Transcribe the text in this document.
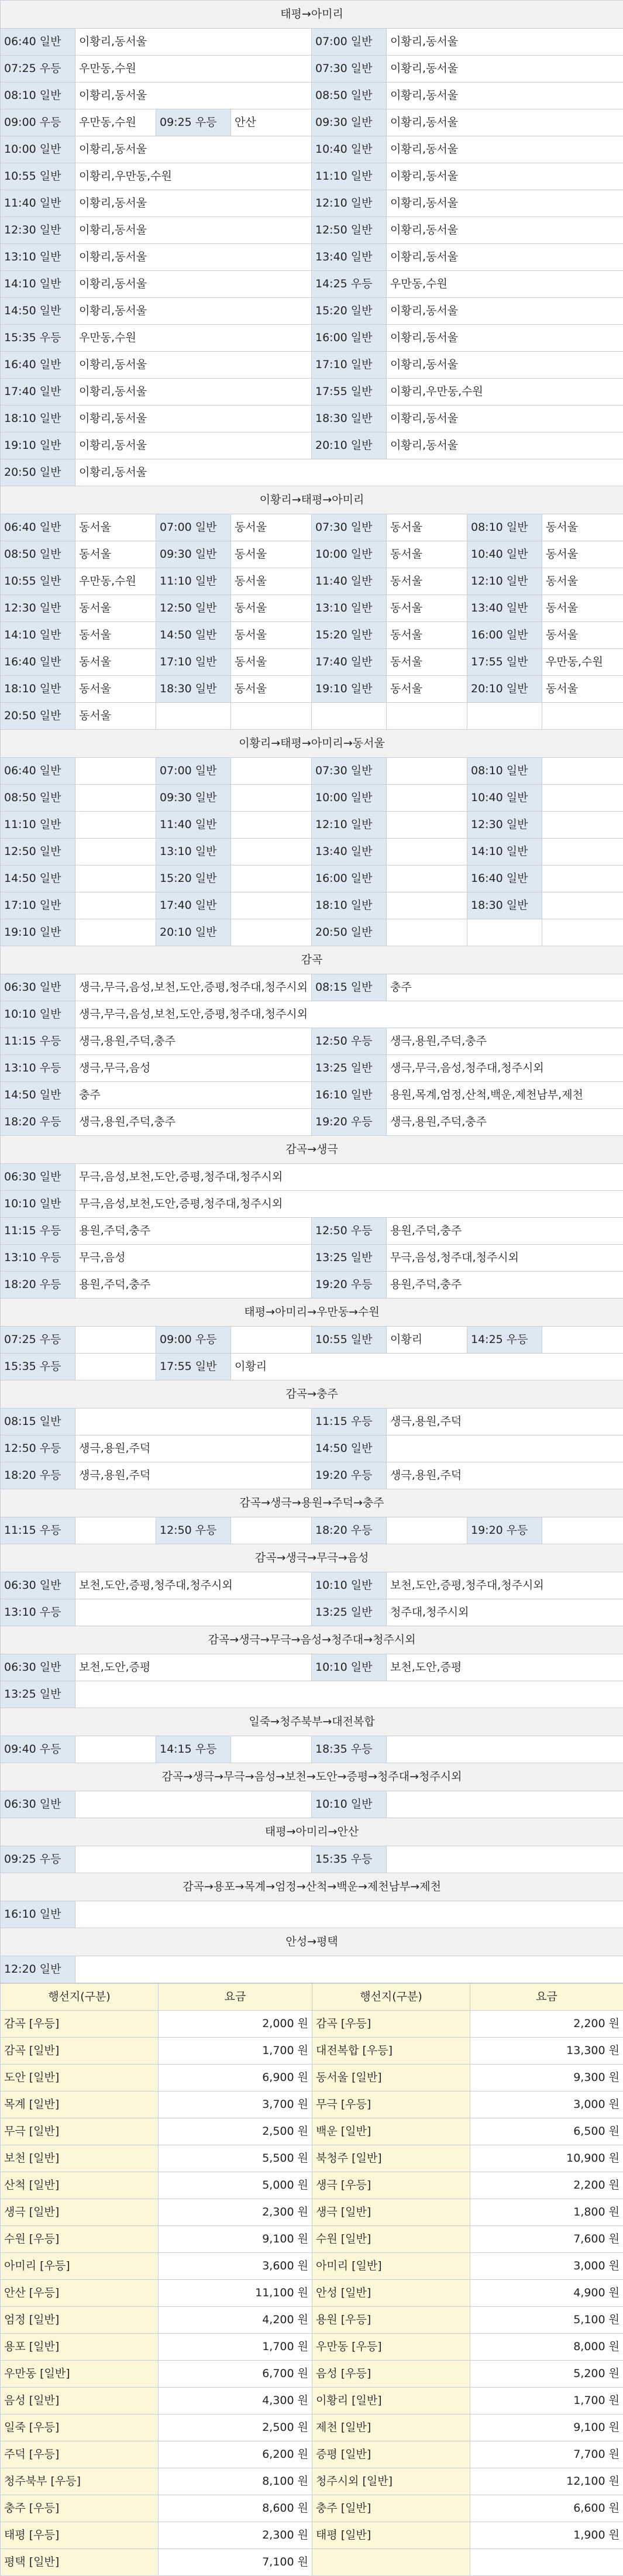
태평→아미리							
06:40 일반	이황리,동서울			07:00 일반	이황리,동서울		
07:25 우등	우만동,수원			07:30 일반	이황리,동서울		
08:10 일반	이황리,동서울			08:50 일반	이황리,동서울		
09:00 우등	우만동,수원	09:25 우등	안산	09:30 일반	이황리,동서울		
10:00 일반	이황리,동서울			10:40 일반	이황리,동서울		
10:55 일반	이황리,우만동,수원			11:10 일반	이황리,동서울		
11:40 일반	이황리,동서울			12:10 일반	이황리,동서울		
12:30 일반	이황리,동서울			12:50 일반	이황리,동서울		
13:10 일반	이황리,동서울			13:40 일반	이황리,동서울		
14:10 일반	이황리,동서울			14:25 우등	우만동,수원		
14:50 일반	이황리,동서울			15:20 일반	이황리,동서울		
15:35 우등	우만동,수원			16:00 일반	이황리,동서울		
16:40 일반	이황리,동서울			17:10 일반	이황리,동서울		
17:40 일반	이황리,동서울			17:55 일반	이황리,우만동,수원		
18:10 일반	이황리,동서울			18:30 일반	이황리,동서울		
19:10 일반	이황리,동서울			20:10 일반	이황리,동서울		
20:50 일반	이황리,동서울						
이황리→태평→아미리							
06:40 일반	동서울	07:00 일반	동서울	07:30 일반	동서울	08:10 일반	동서울
08:50 일반	동서울	09:30 일반	동서울	10:00 일반	동서울	10:40 일반	동서울
10:55 일반	우만동,수원	11:10 일반	동서울	11:40 일반	동서울	12:10 일반	동서울
12:30 일반	동서울	12:50 일반	동서울	13:10 일반	동서울	13:40 일반	동서울
14:10 일반	동서울	14:50 일반	동서울	15:20 일반	동서울	16:00 일반	동서울
16:40 일반	동서울	17:10 일반	동서울	17:40 일반	동서울	17:55 일반	우만동,수원
18:10 일반	동서울	18:30 일반	동서울	19:10 일반	동서울	20:10 일반	동서울
20:50 일반	동서울						
이황리→태평→아미리→동서울							
06:40 일반		07:00 일반		07:30 일반		08:10 일반	
08:50 일반		09:30 일반		10:00 일반		10:40 일반	
11:10 일반		11:40 일반		12:10 일반		12:30 일반	
12:50 일반		13:10 일반		13:40 일반		14:10 일반	
14:50 일반		15:20 일반		16:00 일반		16:40 일반	
17:10 일반		17:40 일반		18:10 일반		18:30 일반	
19:10 일반		20:10 일반		20:50 일반			
감곡							
06:30 일반	생극,무극,음성,보천,도안,증평,청주대,청주시외			08:15 일반	충주		
10:10 일반	생극,무극,음성,보천,도안,증평,청주대,청주시외						
11:15 우등	생극,용원,주덕,충주			12:50 우등	생극,용원,주덕,충주		
13:10 우등	생극,무극,음성			13:25 일반	생극,무극,음성,청주대,청주시외		
14:50 일반	충주			16:10 일반	용원,목계,엄정,산척,백운,제천남부,제천		
18:20 우등	생극,용원,주덕,충주			19:20 우등	생극,용원,주덕,충주		
감곡→생극							
06:30 일반	무극,음성,보천,도안,증평,청주대,청주시외						
10:10 일반	무극,음성,보천,도안,증평,청주대,청주시외						
11:15 우등	용원,주덕,충주			12:50 우등	용원,주덕,충주		
13:10 우등	무극,음성			13:25 일반	무극,음성,청주대,청주시외		
18:20 우등	용원,주덕,충주			19:20 우등	용원,주덕,충주		
태평→아미리→우만동→수원							
07:25 우등		09:00 우등		10:55 일반	이황리	14:25 우등	
15:35 우등		17:55 일반	이황리				
감곡→충주							
08:15 일반				11:15 우등	생극,용원,주덕		
12:50 우등	생극,용원,주덕			14:50 일반			
18:20 우등	생극,용원,주덕			19:20 우등	생극,용원,주덕		
감곡→생극→용원→주덕→충주							
11:15 우등		12:50 우등		18:20 우등		19:20 우등	
감곡→생극→무극→음성							
06:30 일반	보천,도안,증평,청주대,청주시외			10:10 일반	보천,도안,증평,청주대,청주시외		
13:10 우등				13:25 일반	청주대,청주시외		
감곡→생극→무극→음성→청주대→청주시외							
06:30 일반	보천,도안,증평			10:10 일반	보천,도안,증평		
13:25 일반							
일죽→청주북부→대전복합							
09:40 우등		14:15 우등		18:35 우등			
감곡→생극→무극→음성→보천→도안→증평→청주대→청주시외							
06:30 일반				10:10 일반			
태평→아미리→안산							
09:25 우등				15:35 우등			
감곡→용포→목계→엄정→산척→백운→제천남부→제천							
16:10 일반							
안성→평택							
12:20 일반							
행선지(구분)	요금	행선지(구분)	요금
감곡 [우등]	2,000 원	감곡 [우등]	2,200 원
감곡 [일반]	1,700 원	대전복합 [우등]	13,300 원
도안 [일반]	6,900 원	동서울 [일반]	9,300 원
목계 [일반]	3,700 원	무극 [우등]	3,000 원
무극 [일반]	2,500 원	백운 [일반]	6,500 원
보천 [일반]	5,500 원	북청주 [일반]	10,900 원
산척 [일반]	5,000 원	생극 [우등]	2,200 원
생극 [일반]	2,300 원	생극 [일반]	1,800 원
수원 [우등]	9,100 원	수원 [일반]	7,600 원
아미리 [우등]	3,600 원	아미리 [일반]	3,000 원
안산 [우등]	11,100 원	안성 [일반]	4,900 원
엄정 [일반]	4,200 원	용원 [우등]	5,100 원
용포 [일반]	1,700 원	우만동 [우등]	8,000 원
우만동 [일반]	6,700 원	음성 [우등]	5,200 원
음성 [일반]	4,300 원	이황리 [일반]	1,700 원
일죽 [우등]	2,500 원	제천 [일반]	9,100 원
주덕 [우등]	6,200 원	증평 [일반]	7,700 원
청주북부 [우등]	8,100 원	청주시외 [일반]	12,100 원
충주 [우등]	8,600 원	충주 [일반]	6,600 원
태평 [우등]	2,300 원	태평 [일반]	1,900 원
평택 [일반]	7,100 원		
